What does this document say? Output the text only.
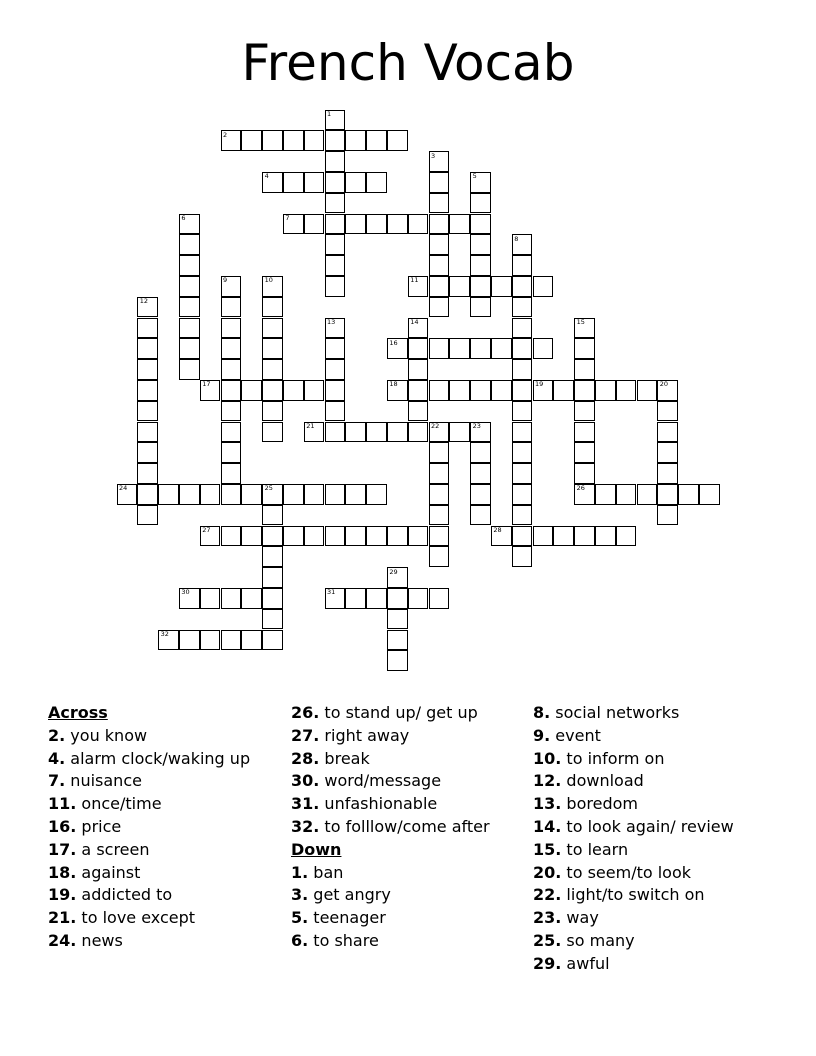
French Vocab
2
4
7
11
16
17	18	19
21
24	26
27	28
30	31
32
1
3
5
6
8
9	10
12
13	14	15
20
22	23
25
29
Across
2. you know
4. alarm clock/waking up
7. nuisance
11. once/time
16. price
17. a screen
18. against
19. addicted to
21. to love except
24. news
26. to stand up/ get up
27. right away
28. break
30. word/message
31. unfashionable
32. to folllow/come after
Down
1. ban
3. get angry
5. teenager
6. to share
8. social networks
9. event
10. to inform on
12. download
13. boredom
14. to look again/ review
15. to learn
20. to seem/to look
22. light/to switch on
23. way
25. so many
29. awful
